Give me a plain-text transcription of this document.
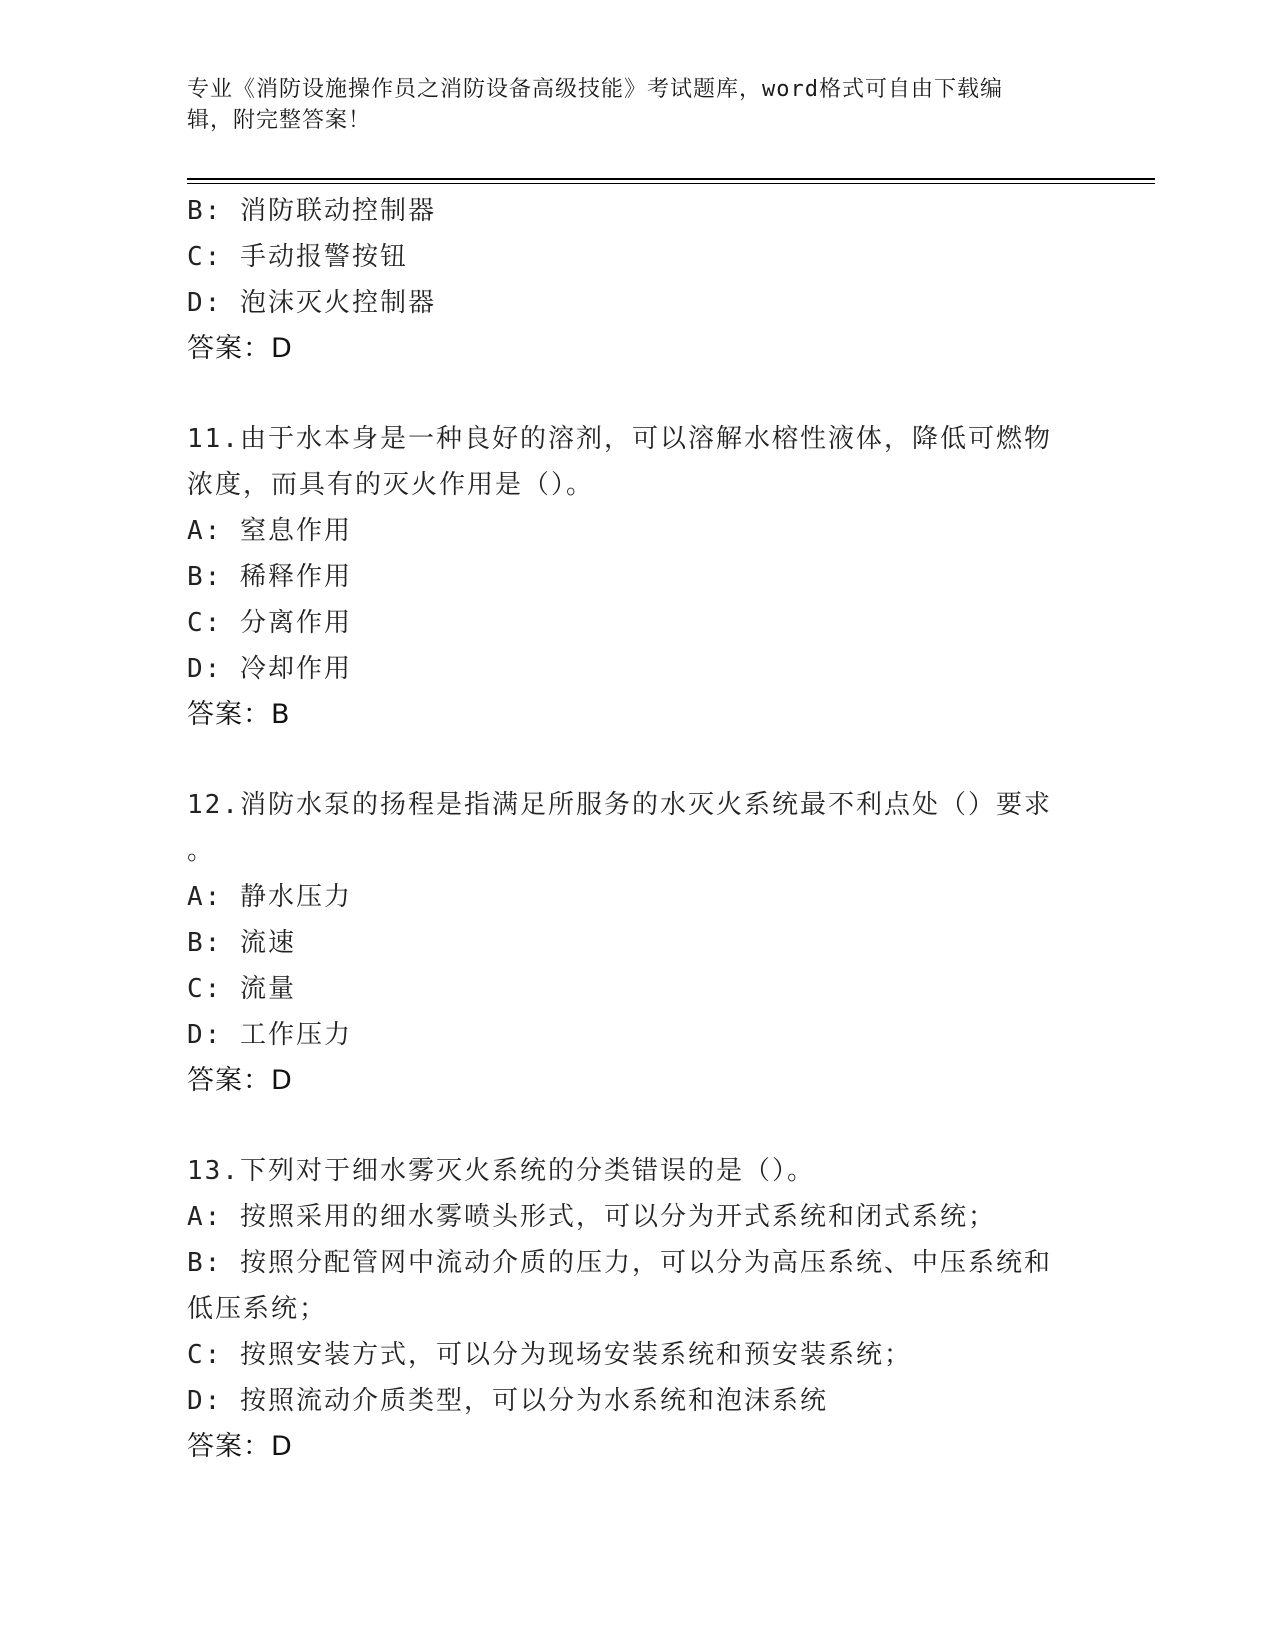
专业《消防设施操作员之消防设备高级技能》考试题库，word格式可自由下载编
辑，附完整答案！
B: 消防联动控制器
C: 手动报警按钮
D: 泡沫灭火控制器
答案：D
11.由于水本身是一种良好的溶剂，可以溶解水榕性液体，降低可燃物
浓度，而具有的灭火作用是（）。
A: 窒息作用
B: 稀释作用
C: 分离作用
D: 冷却作用
答案：B
12.消防水泵的扬程是指满足所服务的水灭火系统最不利点处（）要求
。
A: 静水压力
B: 流速
C: 流量
D: 工作压力
答案：D
13.下列对于细水雾灭火系统的分类错误的是（）。
A: 按照采用的细水雾喷头形式，可以分为开式系统和闭式系统；
B: 按照分配管网中流动介质的压力，可以分为高压系统、中压系统和
低压系统；
C: 按照安装方式，可以分为现场安装系统和预安装系统；
D: 按照流动介质类型，可以分为水系统和泡沫系统
答案：D
